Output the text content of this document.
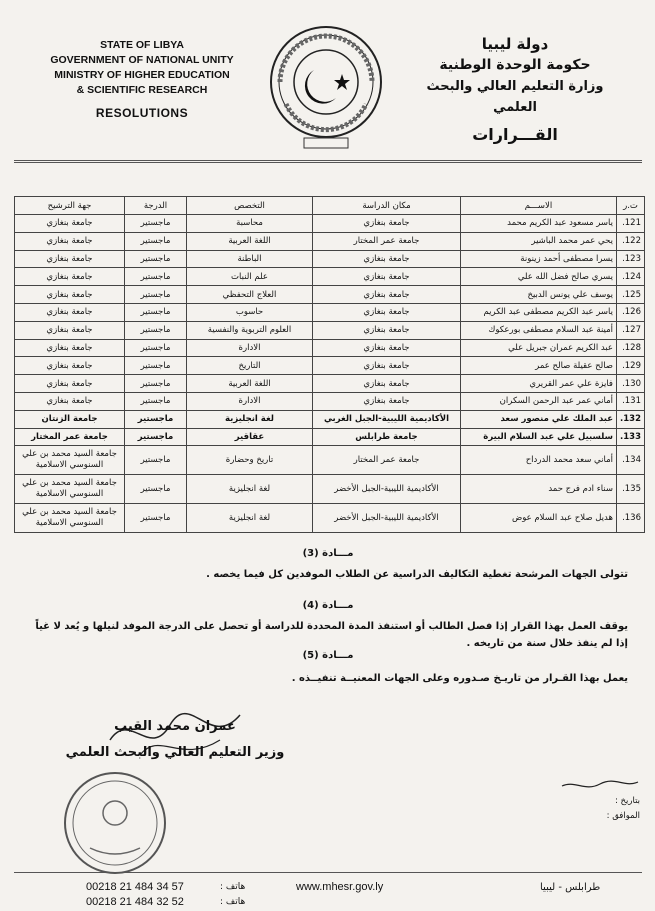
STATE OF LIBYA
GOVERNMENT OF NATIONAL UNITY
MINISTRY OF HIGHER EDUCATION
& SCIENTIFIC RESEARCH
RESOLUTIONS
دولة ليبيا
حكومة الوحدة الوطنية
وزارة التعليم العالي والبحث العلمي
القـــرارات
ت.ر	الاســـم	مكان الدراسة	التخصص	الدرجة	جهة الترشيح
121.	ياسر مسعود عبد الكريم محمد	جامعة بنغازي	محاسبة	ماجستير	جامعة بنغازي
122.	يحي عمر محمد الباشير	جامعة عمر المختار	اللغة العربية	ماجستير	جامعة بنغازي
123.	يسرا مصطفى أحمد زينونة	جامعة بنغازي	الباطنة	ماجستير	جامعة بنغازي
124.	يسري صالح فضل الله علي	جامعة بنغازي	علم النبات	ماجستير	جامعة بنغازي
125.	يوسف علي يونس الدبيخ	جامعة بنغازي	العلاج التحفظي	ماجستير	جامعة بنغازي
126.	ياسر عبد الكريم مصطفى عبد الكريم	جامعة بنغازي	حاسوب	ماجستير	جامعة بنغازي
127.	أمينة عبد السلام مصطفى بورعكوك	جامعة بنغازي	العلوم التربوية والنفسية	ماجستير	جامعة بنغازي
128.	عبد الكريم عمران جبريل علي	جامعة بنغازي	الادارة	ماجستير	جامعة بنغازي
129.	صالح عقيلة صالح عمر	جامعة بنغازي	التاريخ	ماجستير	جامعة بنغازي
130.	فايزة علي عمر القريري	جامعة بنغازي	اللغة العربية	ماجستير	جامعة بنغازي
131.	أماني عمر عبد الرحمن السكران	جامعة بنغازي	الادارة	ماجستير	جامعة بنغازي
132.	عبد الملك علي منصور سعد	الأكاديمية الليبية-الجبل الغربي	لغة انجليزية	ماجستير	جامعة الزنتان
133.	سلسبيل علي عبد السلام البيرة	جامعة طرابلس	عقاقير	ماجستير	جامعة عمر المختار
134.	أماني سعد محمد الدرداح	جامعة عمر المختار	تاريخ وحضارة	ماجستير	جامعة السيد محمد بن علي السنوسي الاسلامية
135.	سناء ادم فرج حمد	الأكاديمية الليبية-الجبل الأخضر	لغة انجليزية	ماجستير	جامعة السيد محمد بن علي السنوسي الاسلامية
136.	هديل صلاح عبد السلام عوض	الأكاديمية الليبية-الجبل الأخضر	لغة انجليزية	ماجستير	جامعة السيد محمد بن علي السنوسي الاسلامية
مـــادة (3)
تتولى الجهات المرشحة تغطية التكاليف الدراسية عن الطلاب الموفدين كل فيما يخصه .
مـــادة (4)
يوقف العمل بهذا القرار إذا فصل الطالب أو استنفذ المدة المحددة للدراسة أو تحصل على الدرجة الموفد لنيلها و يُعد لا غياً إذا لم ينفذ خلال سنة من تاريخه .
مـــادة (5)
يعمل بهذا القـرار من تاريـخ صـدوره وعلى الجهات المعنيــة تنفيــذه .
عمران محمد القيب
وزير التعليم العالي والبحث العلمي
بتاريخ :
الموافق :
00218 21 484 34 57
00218 21 484 32 52
هاتف :
هاتف :
www.mhesr.gov.ly	طرابلس - ليبيا
